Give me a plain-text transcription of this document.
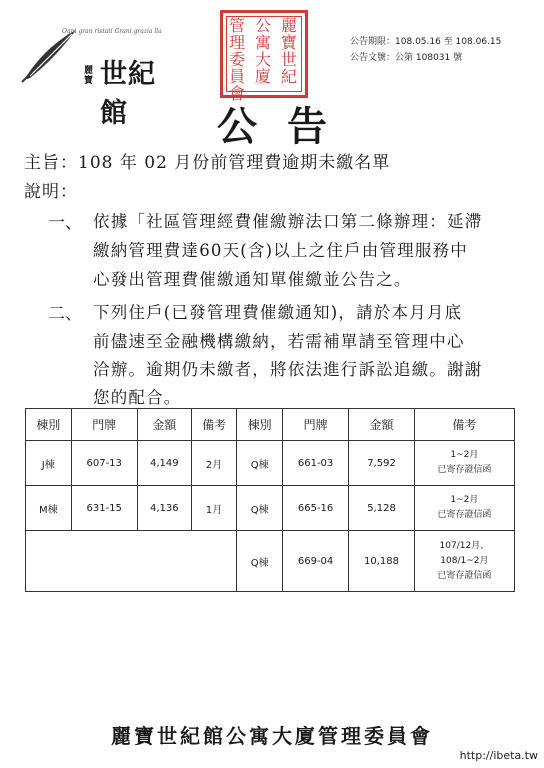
Ogni gran ristati Grani grazia lla
麗寶 世紀館
麗寶世紀
公寓大廈
管理委員會
公告期限：108.05.16 至 108.06.15
公告文號：公第 108031 號
公告
主旨：108 年 02 月份前管理費逾期未繳名單
說明：
一、 依據「社區管理經費催繳辦法口第二條辦理：延滯
繳納管理費達60天(含)以上之住戶由管理服務中
心發出管理費催繳通知單催繳並公告之。
二、 下列住戶(已發管理費催繳通知)，請於本月月底
前儘速至金融機構繳納，若需補單請至管理中心
洽辦。逾期仍未繳者，將依法進行訴訟追繳。謝謝
您的配合。
棟別	門牌	金額	備考	棟別	門牌	金額	備考
J棟	607-13	4,149	2月	Q棟	661-03	7,592	1~2月
已寄存證信函

M棟	631-15	4,136	1月	Q棟	665-16	5,128	1~2月
已寄存證信函

				Q棟	669-04	10,188	107/12月、
108/1~2月
已寄存證信函
麗寶世紀館公寓大廈管理委員會
http://ibeta.tw
